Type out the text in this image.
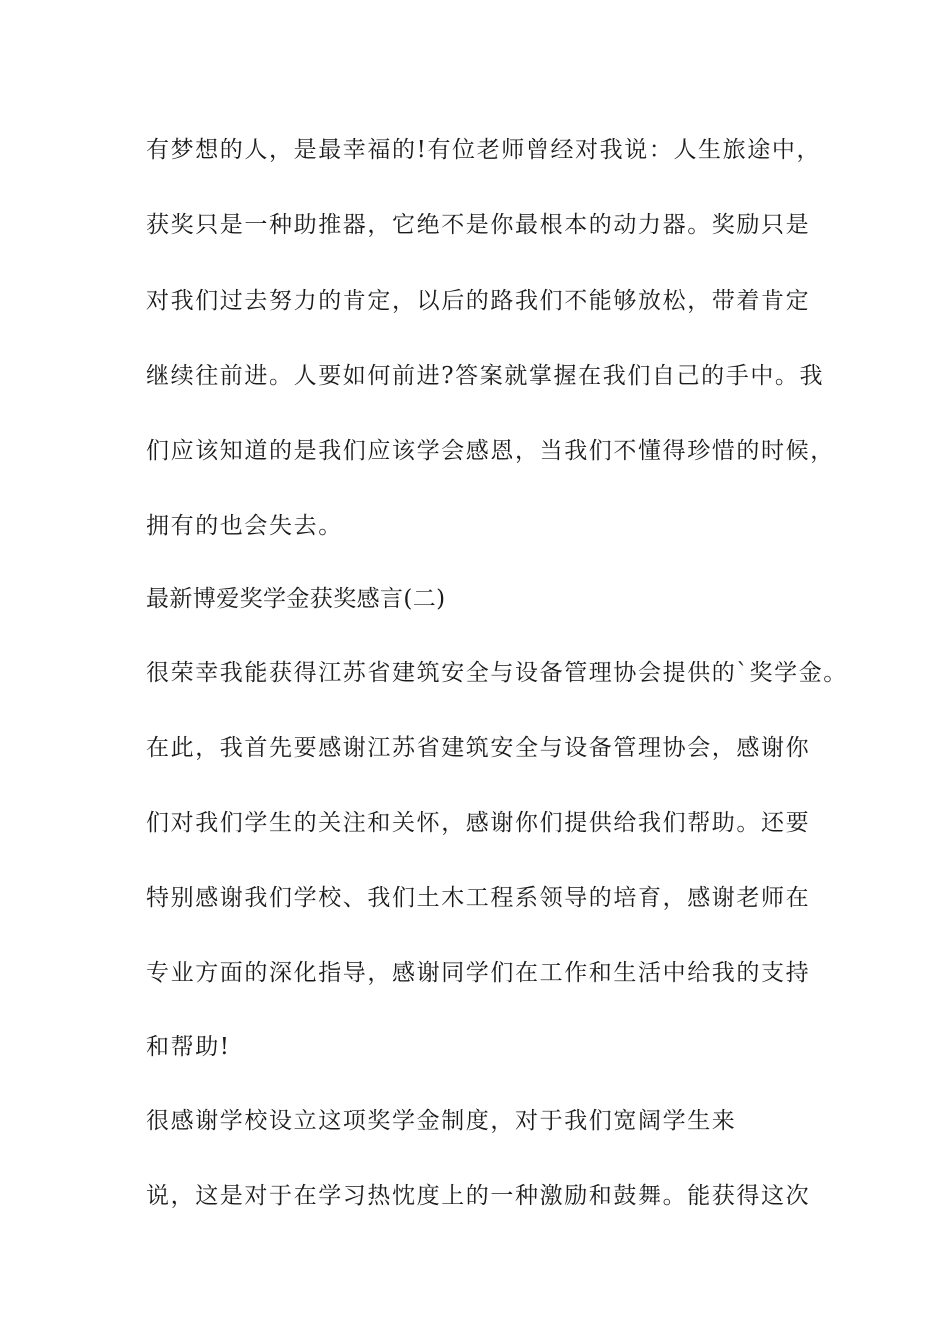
有梦想的人，是最幸福的!有位老师曾经对我说：人生旅途中，
获奖只是一种助推器，它绝不是你最根本的动力器。奖励只是
对我们过去努力的肯定，以后的路我们不能够放松，带着肯定
继续往前进。人要如何前进?答案就掌握在我们自己的手中。我
们应该知道的是我们应该学会感恩，当我们不懂得珍惜的时候，
拥有的也会失去。
最新博爱奖学金获奖感言(二)
很荣幸我能获得江苏省建筑安全与设备管理协会提供的`奖学金。
在此，我首先要感谢江苏省建筑安全与设备管理协会，感谢你
们对我们学生的关注和关怀，感谢你们提供给我们帮助。还要
特别感谢我们学校、我们土木工程系领导的培育，感谢老师在
专业方面的深化指导，感谢同学们在工作和生活中给我的支持
和帮助!
很感谢学校设立这项奖学金制度，对于我们宽阔学生来
说，这是对于在学习热忱度上的一种激励和鼓舞。能获得这次
